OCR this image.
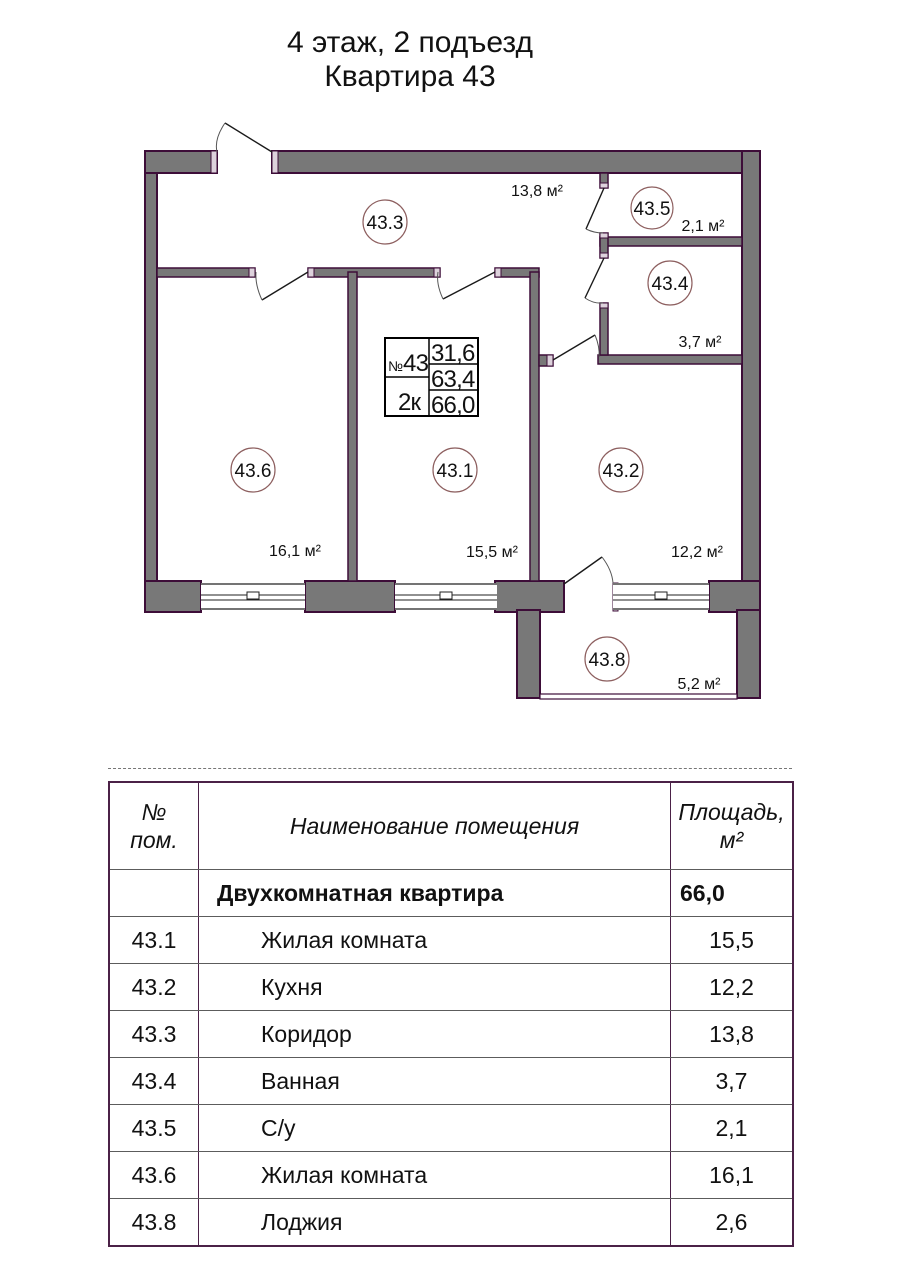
4 этаж, 2 подъезд
Квартира 43
№43
2к
31,6
63,4
66,0
43.3
43.5
43.4
43.6	43.1	43.2
43.8
13,8 м²
2,1 м²
3,7 м²
16,1 м²	15,5 м²	12,2 м²
5,2 м²
№
пом.
Наименование помещения
Площадь,
м²
Двухкомнатная квартира	66,0
43.1	Жилая комната	15,5
43.2	Кухня	12,2
43.3	Коридор	13,8
43.4	Ванная	3,7
43.5	С/у	2,1
43.6	Жилая комната	16,1
43.8	Лоджия	2,6
